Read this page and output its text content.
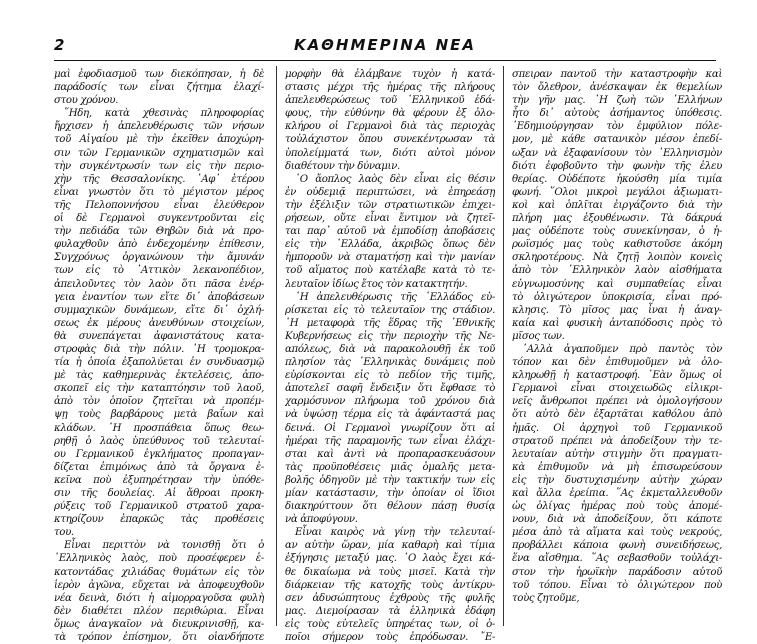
2	ΚΑΘΗΜΕΡΙΝΑ ΝΕΑ
μαὶ ἐφοδιασμοῦ των διεκόπησαν, ἡ δὲ
παράδοσίς των εἶναι ζήτημα ἐλαχί-
στου χρόνου.
῞Ηδη, κατὰ χθεσινὰς πληροφορίας
ἤρχισεν ἡ ἀπελευθέρωσις τῶν νήσων
τοῦ Αἰγαίου μὲ τὴν ἐκεῖθεν ἀποχώρη-
σιν τῶν Γερμανικῶν σχηματισμῶν καὶ
τὴν συγκέντρωσίν των εἰς τὴν περιο-
χὴν τῆς Θεσσαλονίκης. ᾿Αφ᾿ ἑτέρου
εἶναι γνωστὸν ὅτι τὸ μέγιστον μέρος
τῆς Πελοποννήσου εἶναι ἐλεύθερον
οἱ δὲ Γερμανοὶ συγκεντροῦνται εἰς
τὴν πεδιάδα τῶν Θηβῶν διὰ νὰ προ-
φυλαχθοῦν ἀπὸ ἐνδεχομένην ἐπίθεσιν,
Συγχρόνως ὀργανώνουν τὴν ἄμυνάν
των εἰς τὸ ᾿Αττικὸν λεκανοπέδιον,
ἀπειλοῦντες τὸν λαὸν ὅτι πᾶσα ἐνέρ-
γεια ἐναντίον των εἴτε δι᾿ ἀποβάσεων
συμμαχικῶν δυνάμεων, εἴτε δι᾿ ὀχλή-
σεως ἐκ μέρους ἀνευθύνων στοιχείων,
θὰ συνεπάγεται ἀφανιστάτους κατα-
στροφὰς διὰ τὴν πόλιν. ῾Η τρομοκρα-
τία ἡ ὁποία ἐξαπολύεται ἐν συνδυασμῷ
μὲ τὰς καθημερινὰς ἐκτελέσεις, ἀπο-
σκοπεῖ εἰς τὴν καταπτόησιν τοῦ λαοῦ,
ἀπὸ τὸν ὁποῖον ζητεῖται νὰ προπέμ-
ψῃ τοὺς βαρβάρους μετὰ βαΐων καὶ
κλάδων. ῾Η προσπάθεια ὅπως θεω-
ρηθῇ ὁ λαὸς ὑπεύθυνος τοῦ τελευταί-
ου Γερμανικοῦ ἐγκλήματος προπαγαν-
δίζεται ἐπιμόνως ἀπὸ τὰ ὄργανα ἐ-
κεῖνα ποὺ ἐξυπηρέτησαν τὴν ὑπόθε-
σιν τῆς δουλείας. Αἱ ἄθροαι προκη-
ρύξεις τοῦ Γερμανικοῦ στρατοῦ χαρα-
κτηρίζουν ἐπαρκῶς τὰς προθέσεις
του.
Εἶναι περιττὸν νὰ τονισθῇ ὅτι ὁ
῾Ελληνικὸς λαὸς, ποὺ προσέφερεν ἑ-
κατοντάδας χιλιάδας θυμάτων εἰς τὸν
ἱερὸν ἀγῶνα, εὔχεται νὰ ἀποφευχθοῦν
νέα δεινὰ, διότι ἡ αἱμορραγοῦσα φυλὴ
δὲν διαθέτει πλέον περιθώρια. Εἶναι
ὅμως ἀναγκαῖον νὰ διευκρινισθῇ, κα-
τὰ τρόπον ἐπίσημον, ὅτι οἱανδήποτε
μορφὴν θὰ ἐλάμβανε τυχὸν ἡ κατά-
στασις μέχρι τῆς ἡμέρας τῆς πλήρους
ἀπελευθερώσεως τοῦ ῾Ελληνικοῦ ἐδά-
φους, τὴν εὐθύνην θὰ φέρουν ἐξ ὁλο-
κλήρου οἱ Γερμανοὶ διὰ τὰς περιοχὰς
τοὐλάχιστον ὅπου συνεκέντρωσαν τὰ
ὑπολείμματά των, διότι αὐτοὶ μόνον
διαθέτουν τὴν δύναμιν.
῾Ο ἄοπλος λαὸς δὲν εἶναι εἰς θέσιν
ἐν οὐδεμιᾷ περιπτώσει, νὰ ἐπηρεάσῃ
τὴν ἐξέλιξιν τῶν στρατιωτικῶν ἐπιχει-
ρήσεων, οὔτε εἶναι ἔντιμον νὰ ζητεῖ-
ται παρ᾿ αὐτοῦ νὰ ἐμποδίσῃ ἀποβάσεις
εἰς τὴν ῾Ελλάδα, ἀκριβῶς ὅπως δὲν
ἠμποροῦν νὰ σταματήσῃ καὶ τὴν μανίαν
τοῦ αἵματος ποὺ κατέλαβε κατὰ τὸ τε-
λευταῖον ἰδίως ἔτος τὸν κατακτητήν.
῾Η ἀπελευθέρωσις τῆς ῾Ελλάδος εὑ-
ρίσκεται εἰς τὸ τελευταῖον της στάδιον.
῾Η μεταφορὰ τῆς ἕδρας τῆς ᾿Εθνικῆς
Κυβερνήσεως εἰς τὴν περιοχὴν τῆς Νε-
απόλεως, διὰ νὰ παρακολουθῇ ἐκ τοῦ
πλησίον τὰς ῾Ελληνικὰς δυνάμεις ποὺ
εὑρίσκονται εἰς τὸ πεδίον τῆς τιμῆς,
ἀποτελεῖ σαφῆ ἔνδειξιν ὅτι ἔφθασε τὸ
χαρμόσυνον πλήρωμα τοῦ χρόνου διὰ
νὰ ὑψώσῃ τέρμα εἰς τὰ ἀφάνταστά μας
δεινά. Οἱ Γερμανοὶ γνωρίζουν ὅτι αἱ
ἡμέραι τῆς παραμονῆς των εἶναι ἐλάχι-
σται καὶ ἀντὶ νὰ προπαρασκευάσουν
τὰς προϋποθέσεις μιᾶς ὁμαλῆς μετα-
βολῆς ὁδηγοῦν μὲ τὴν τακτικήν των εἰς
μίαν κατάστασιν, τὴν ὁποίαν οἱ ἴδιοι
διακηρύττουν ὅτι θέλουν πάσῃ θυσίᾳ
νὰ ἀποφύγουν.
Εἶναι καιρὸς νὰ γίνῃ τὴν τελευταί-
αν αὐτὴν ὥραν, μία καθαρὴ καὶ τίμια
ἐξήγησις μεταξύ μας. ῾Ο λαὸς ἔχει κά-
θε δικαίωμα νὰ τοὺς μισεῖ. Κατὰ τὴν
διάρκειαν τῆς κατοχῆς τοὺς ἀντίκρυ-
σεν ἀδυσώπητους ἐχθροὺς τῆς φυλῆς
μας. Διεμοίρασαν τὰ ἑλληνικὰ ἐδάφη
εἰς τοὺς εὐτελεῖς ὑπηρέτας των, οἱ ὁ-
ποῖοι σήμερον τοὺς ἐπρόδωσαν. ῎Ε-
σπειραν παντοῦ τὴν καταστροφὴν καὶ
τὸν ὄλεθρον, ἀνέσκαψαν ἐκ θεμελίων
τὴν γῆν μας. ῾Η ζωὴ τῶν ῾Ελλήνων
ἦτο δι᾿ αὐτοὺς ἀσήμαντος ὑπόθεσις.
᾿Εδημιούργησαν τὸν ἐμφύλιον πόλε-
μον, μὲ κάθε σατανικὸν μέσον ἐπεδί-
ωξαν νὰ ἐξαφανίσουν τὸν ῾Ελληνισμὸν
διότι ἐφοβοῦντο τὴν φωνὴν τῆς ἐλευ
θερίας. Οὐδέποτε ἠκούσθη μία τιμία
φωνή. ῞Ολοι μικροὶ μεγάλοι ἀξιωματι-
κοὶ καὶ ὁπλῖται ἐιργάζοντο διὰ τὴν
πλήρη μας ἐξουθένωσιν. Τὰ δάκρυά
μας οὐδέποτε τοὺς συνεκίνησαν, ὁ ἡ-
ρωϊσμός μας τοὺς καθιστοῦσε ἀκόμη
σκληροτέρους. Νὰ ζητῇ λοιπὸν κονεὶς
ἀπὸ τὸν ῾Ελληνικὸν λαὸν αἰσθήματα
εὐγνωμοσύνης καὶ συμπαθείας εἶναι
τὸ ὀλιγώτερον ὑποκρισία, εἶναι πρό-
κλησις. Τὸ μῖσος μας ἶναι ἡ ἀναγ-
καία καὶ φυσικὴ ἀνταπόδοσις πρὸς τὸ
μῖσος των.
᾿Αλλὰ ἀγαποῦμεν πρὸ παντὸς τὸν
τόπον και δὲν ἐπιθυμοῦμεν νὰ ὁλο-
κληρωθῇ ἡ καταστροφή. ᾿Εὰν ὅμως οἱ
Γερμανοὶ εἶναι στοιχειωδῶς εἰλικρι-
νεῖς ἄνθρωποι πρέπει νὰ ὁμολογήσουν
ὅτι αὐτὸ δὲν ἐξαρτᾶται καθόλου ἀπὸ
ἡμᾶς. Οἱ ἀρχηγοὶ τοῦ Γερμανικοῦ
στρατοῦ πρέπει νὰ ἀποδείξουν τὴν τε-
λευταίαν αὐτὴν στιγμὴν ὅτι πραγματι-
κὰ ἐπιθυμοῦν νὰ μὴ ἐπισωρεύσουν
εἰς τὴν δυστυχισμένην αὐτὴν χώραν
καὶ ἄλλα ἐρείπια. ῞Ας ἐκμεταλλευθοῦν
ὡς ὀλίγας ἡμέρας ποὺ τοὺς ἀπομέ-
νουν, διὰ νὰ ἀποδείξουν, ὅτι κάποτε
μέσα ἀπὸ τὰ αἵματα καὶ τοὺς νεκρούς,
προβάλλει κάποια φωνὴ συνειδήσεως,
ἕνα αἴσθημα. ῞Ας σεβασθοῦν τοὐλάχι-
στον τὴν ἡρωϊκὴν παράδοσιν αὐτοῦ
τοῦ τόπου. Εἶναι τὸ ὀλιγώτερον ποὺ
τοὺς ζητοῦμε,
